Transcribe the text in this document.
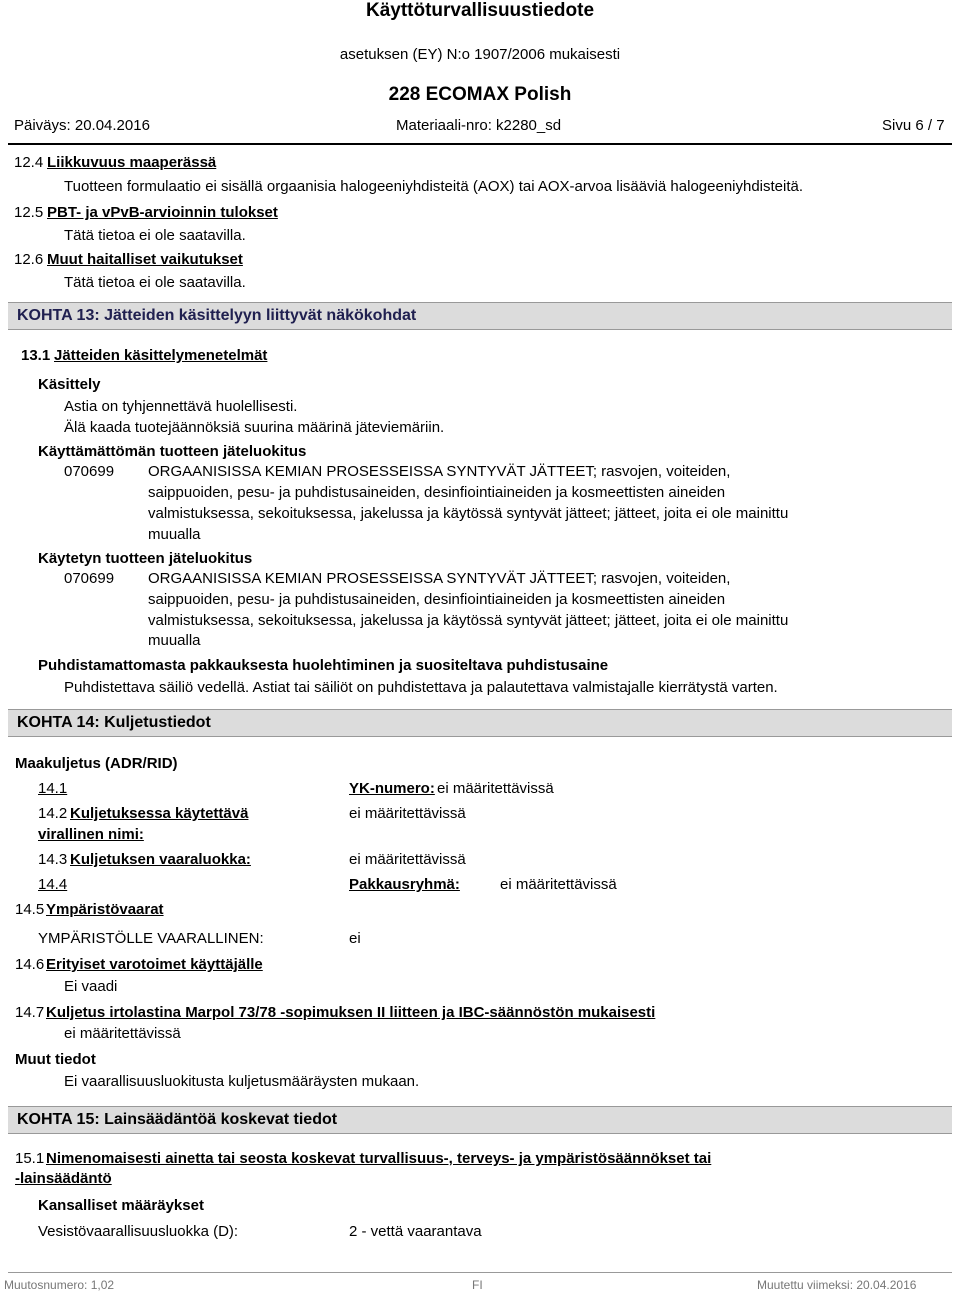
Käyttöturvallisuustiedote
asetuksen (EY) N:o 1907/2006 mukaisesti
228 ECOMAX Polish
Päiväys: 20.04.2016	Materiaali-nro: k2280_sd	Sivu 6 / 7
12.4 Liikkuvuus maaperässä
Tuotteen formulaatio ei sisällä orgaanisia halogeeniyhdisteitä (AOX) tai AOX-arvoa lisääviä halogeeniyhdisteitä.
12.5 PBT- ja vPvB-arvioinnin tulokset
Tätä tietoa ei ole saatavilla.
12.6 Muut haitalliset vaikutukset
Tätä tietoa ei ole saatavilla.
KOHTA 13: Jätteiden käsittelyyn liittyvät näkökohdat
13.1 Jätteiden käsittelymenetelmät
Käsittely
Astia on tyhjennettävä huolellisesti.
Älä kaada tuotejäännöksiä suurina määrinä jäteviemäriin.
Käyttämättömän tuotteen jäteluokitus
070699 ORGAANISISSA KEMIAN PROSESSEISSA SYNTYVÄT JÄTTEET; rasvojen, voiteiden,
saippuoiden, pesu- ja puhdistusaineiden, desinfiointiaineiden ja kosmeettisten aineiden
valmistuksessa, sekoituksessa, jakelussa ja käytössä syntyvät jätteet; jätteet, joita ei ole mainittu
muualla
Käytetyn tuotteen jäteluokitus
070699 ORGAANISISSA KEMIAN PROSESSEISSA SYNTYVÄT JÄTTEET; rasvojen, voiteiden,
saippuoiden, pesu- ja puhdistusaineiden, desinfiointiaineiden ja kosmeettisten aineiden
valmistuksessa, sekoituksessa, jakelussa ja käytössä syntyvät jätteet; jätteet, joita ei ole mainittu
muualla
Puhdistamattomasta pakkauksesta huolehtiminen ja suositeltava puhdistusaine
Puhdistettava säiliö vedellä. Astiat tai säiliöt on puhdistettava ja palautettava valmistajalle kierrätystä varten.
KOHTA 14: Kuljetustiedot
Maakuljetus (ADR/RID)
14.1	YK-numero: ei määritettävissä
14.2 Kuljetuksessa käytettävä
virallinen nimi:
ei määritettävissä
14.3 Kuljetuksen vaaraluokka:	ei määritettävissä
14.4	Pakkausryhmä:	ei määritettävissä
14.5 Ympäristövaarat
YMPÄRISTÖLLE VAARALLINEN:	ei
14.6 Erityiset varotoimet käyttäjälle
Ei vaadi
14.7 Kuljetus irtolastina Marpol 73/78 -sopimuksen II liitteen ja IBC-säännöstön mukaisesti
ei määritettävissä
Muut tiedot
Ei vaarallisuusluokitusta kuljetusmääräysten mukaan.
KOHTA 15: Lainsäädäntöä koskevat tiedot
15.1 Nimenomaisesti ainetta tai seosta koskevat turvallisuus-, terveys- ja ympäristösäännökset tai
-lainsäädäntö
Kansalliset määräykset
Vesistövaarallisuusluokka (D):	2 - vettä vaarantava
Muutosnumero: 1,02	FI	Muutettu viimeksi: 20.04.2016
